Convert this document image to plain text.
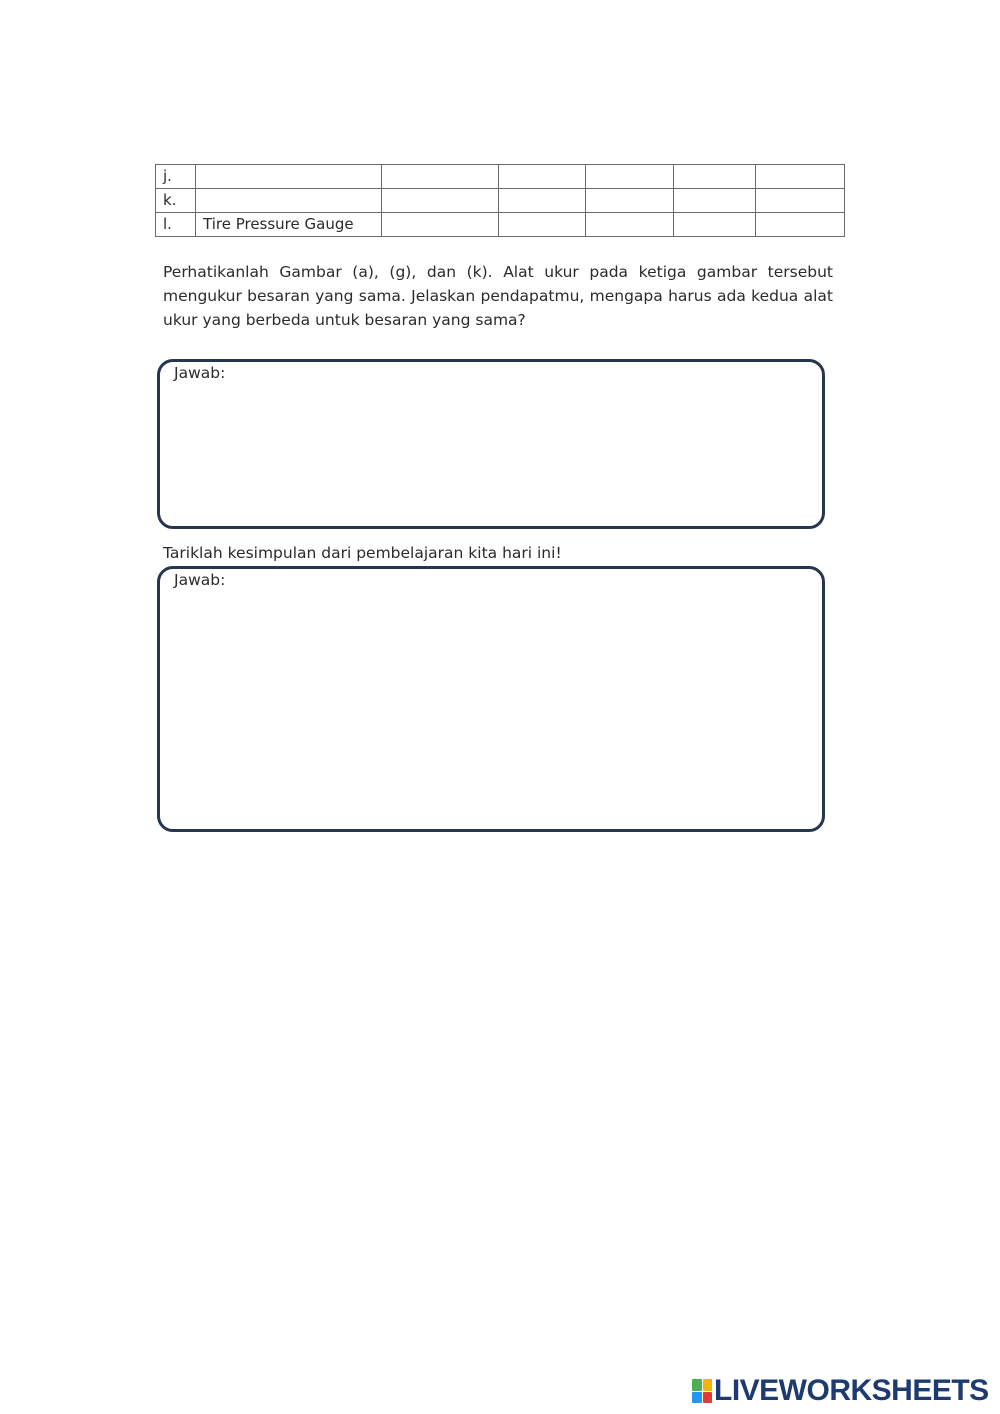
j.						
k.						
l.	Tire Pressure Gauge					

Perhatikanlah Gambar (a), (g), dan (k). Alat ukur pada ketiga gambar tersebut mengukur besaran yang sama. Jelaskan pendapatmu, mengapa harus ada kedua alat ukur yang berbeda untuk besaran yang sama?

Jawab:

Tariklah kesimpulan dari pembelajaran kita hari ini!

Jawab:
LIVEWORKSHEETS
